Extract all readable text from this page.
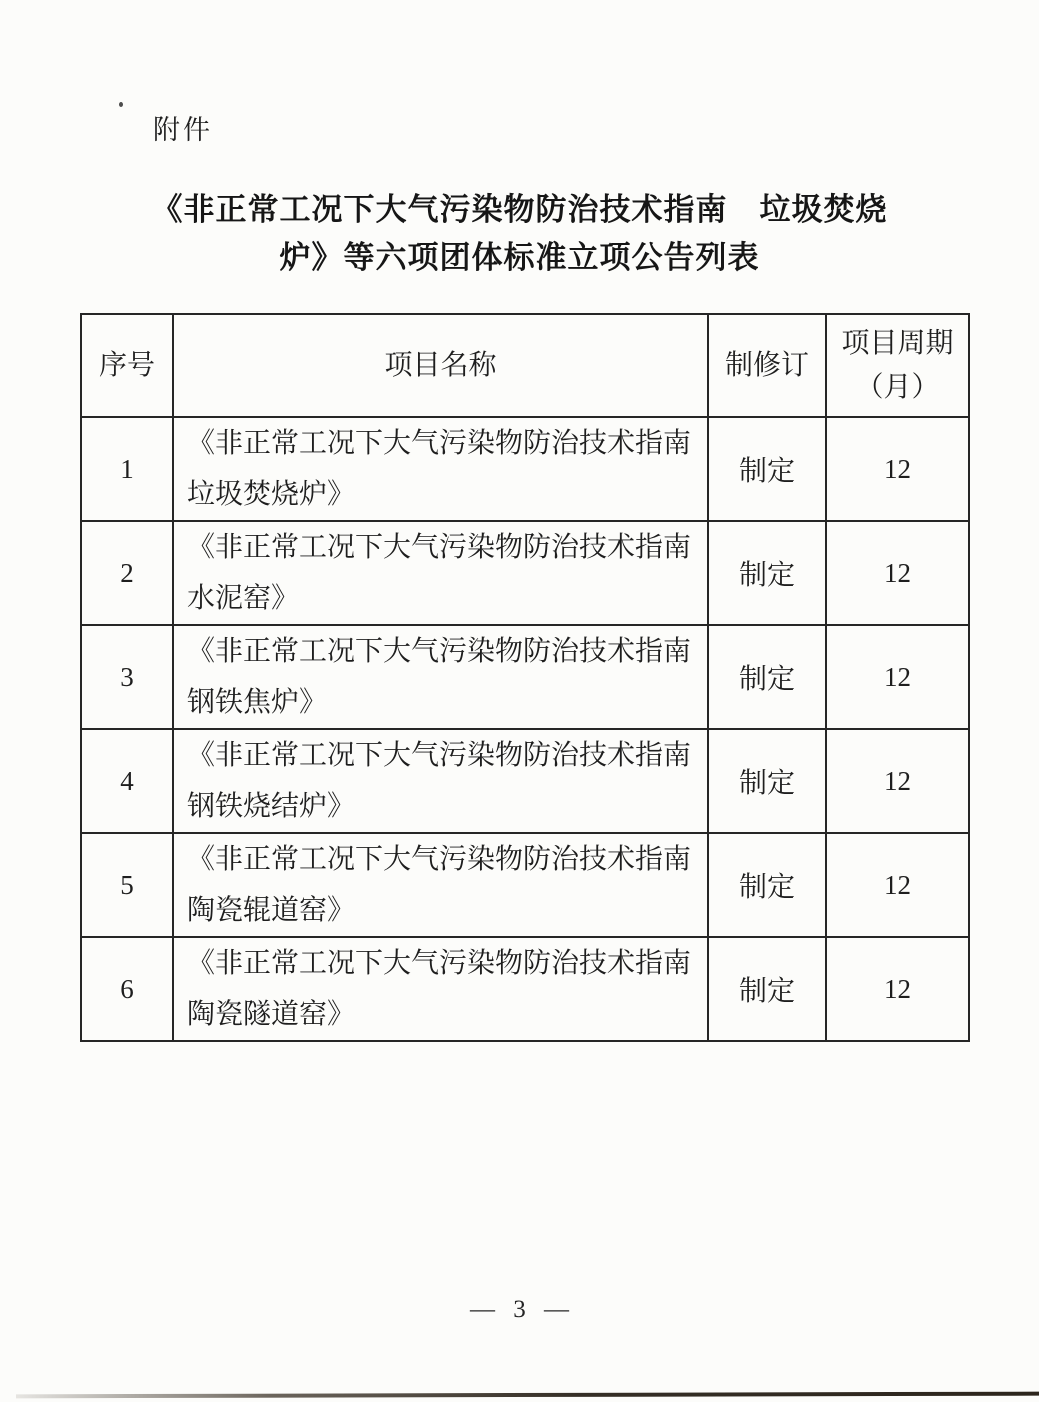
附件
《非正常工况下大气污染物防治技术指南　垃圾焚烧
炉》等六项团体标准立项公告列表
序号	项目名称	制修订	项目周期
（月）

1	《非正常工况下大气污染物防治技术指南
垃圾焚烧炉》	制定	12
2	《非正常工况下大气污染物防治技术指南
水泥窑》	制定	12
3	《非正常工况下大气污染物防治技术指南
钢铁焦炉》	制定	12
4	《非正常工况下大气污染物防治技术指南
钢铁烧结炉》	制定	12
5	《非正常工况下大气污染物防治技术指南
陶瓷辊道窑》	制定	12
6	《非正常工况下大气污染物防治技术指南
陶瓷隧道窑》	制定	12
— 3 —
